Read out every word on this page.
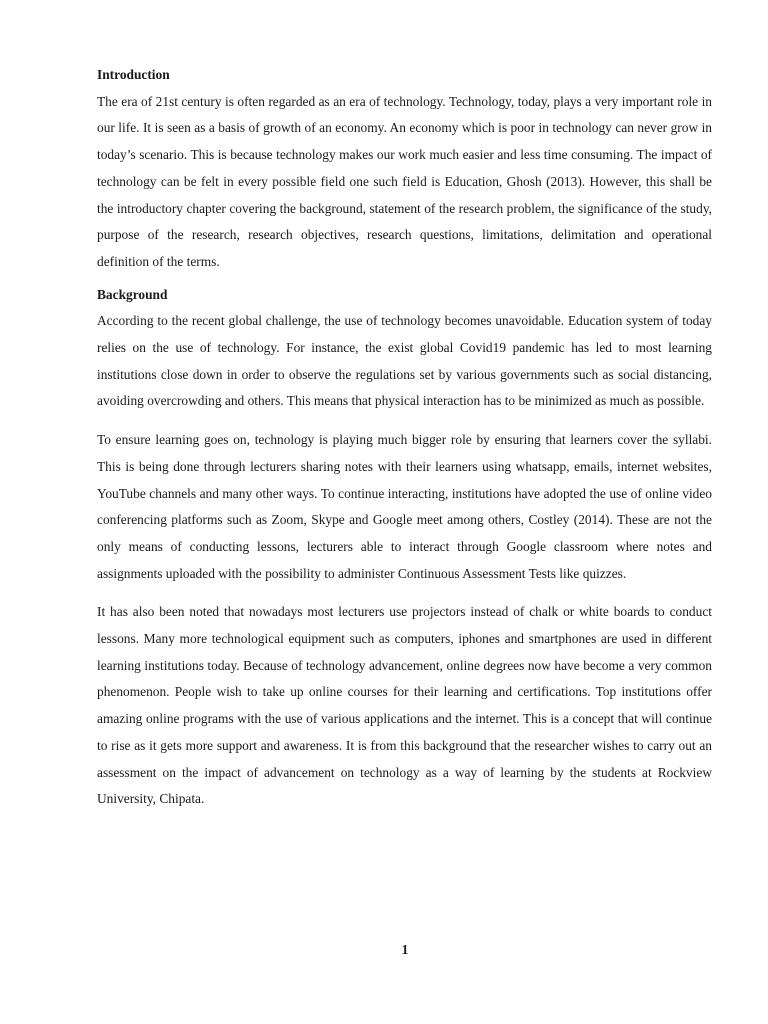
Introduction

The era of 21st century is often regarded as an era of technology. Technology, today, plays a very important role in our life. It is seen as a basis of growth of an economy. An economy which is poor in technology can never grow in today’s scenario. This is because technology makes our work much easier and less time consuming. The impact of technology can be felt in every possible field one such field is Education, Ghosh (2013). However, this shall be the introductory chapter covering the background, statement of the research problem, the significance of the study, purpose of the research, research objectives, research questions, limitations, delimitation and operational definition of the terms.

Background

According to the recent global challenge, the use of technology becomes unavoidable. Education system of today relies on the use of technology. For instance, the exist global Covid19 pandemic has led to most learning institutions close down in order to observe the regulations set by various governments such as social distancing, avoiding overcrowding and others. This means that physical interaction has to be minimized as much as possible.

To ensure learning goes on, technology is playing much bigger role by ensuring that learners cover the syllabi. This is being done through lecturers sharing notes with their learners using whatsapp, emails, internet websites, YouTube channels and many other ways. To continue interacting, institutions have adopted the use of online video conferencing platforms such as Zoom, Skype and Google meet among others, Costley (2014). These are not the only means of conducting lessons, lecturers able to interact through Google classroom where notes and assignments uploaded with the possibility to administer Continuous Assessment Tests like quizzes.

It has also been noted that nowadays most lecturers use projectors instead of chalk or white boards to conduct lessons. Many more technological equipment such as computers, iphones and smartphones are used in different learning institutions today. Because of technology advancement, online degrees now have become a very common phenomenon. People wish to take up online courses for their learning and certifications. Top institutions offer amazing online programs with the use of various applications and the internet. This is a concept that will continue to rise as it gets more support and awareness. It is from this background that the researcher wishes to carry out an assessment on the impact of advancement on technology as a way of learning by the students at Rockview University, Chipata.

1
